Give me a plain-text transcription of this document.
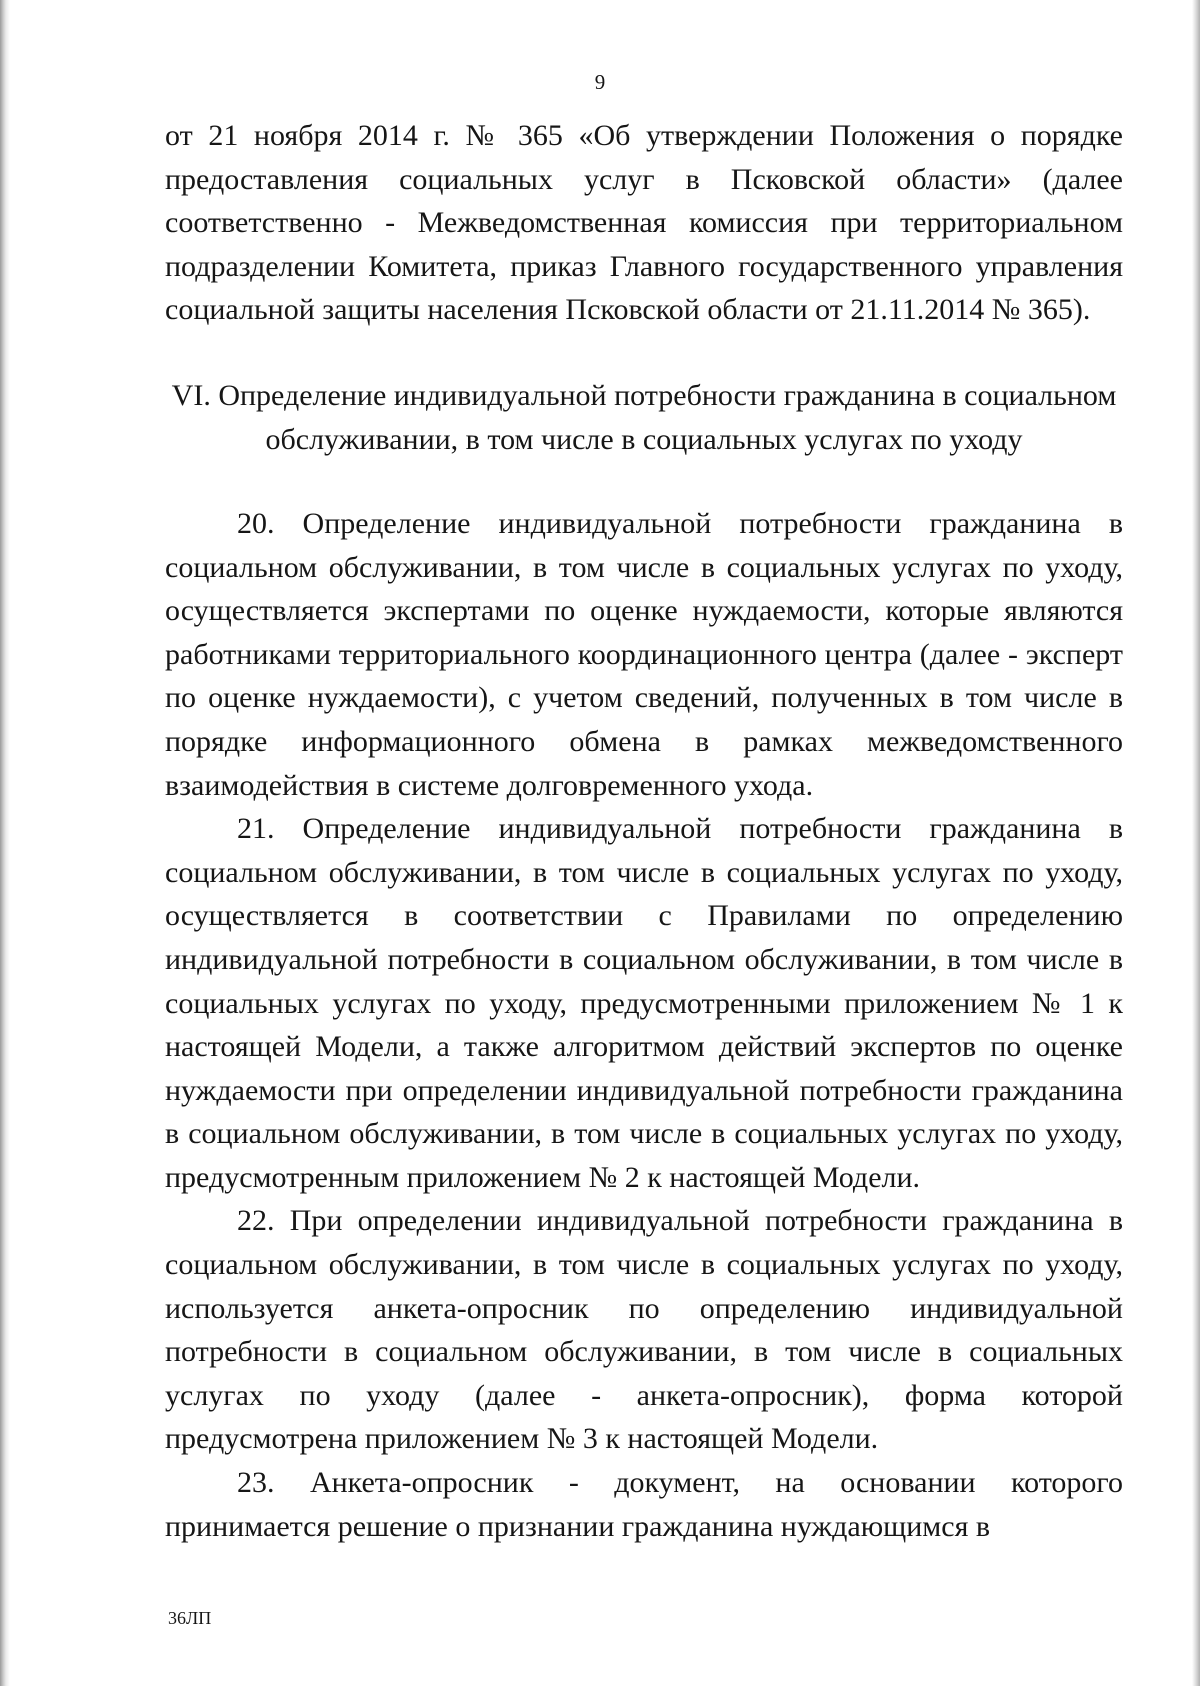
9

от 21 ноября 2014 г. № 365 «Об утверждении Положения о порядке предоставления социальных услуг в Псковской области» (далее соответственно - Межведомственная комиссия при территориальном подразделении Комитета, приказ Главного государственного управления социальной защиты населения Псковской области от 21.11.2014 № 365).

VI. Определение индивидуальной потребности гражданина в социальном обслуживании, в том числе в социальных услугах по уходу

20. Определение индивидуальной потребности гражданина в социальном обслуживании, в том числе в социальных услугах по уходу, осуществляется экспертами по оценке нуждаемости, которые являются работниками территориального координационного центра (далее - эксперт по оценке нуждаемости), с учетом сведений, полученных в том числе в порядке информационного обмена в рамках межведомственного взаимодействия в системе долговременного ухода.

21. Определение индивидуальной потребности гражданина в социальном обслуживании, в том числе в социальных услугах по уходу, осуществляется в соответствии с Правилами по определению индивидуальной потребности в социальном обслуживании, в том числе в социальных услугах по уходу, предусмотренными приложением № 1 к настоящей Модели, а также алгоритмом действий экспертов по оценке нуждаемости при определении индивидуальной потребности гражданина в социальном обслуживании, в том числе в социальных услугах по уходу, предусмотренным приложением № 2 к настоящей Модели.

22. При определении индивидуальной потребности гражданина в социальном обслуживании, в том числе в социальных услугах по уходу, используется анкета-опросник по определению индивидуальной потребности в социальном обслуживании, в том числе в социальных услугах по уходу (далее - анкета-опросник), форма которой предусмотрена приложением № 3 к настоящей Модели.

23. Анкета-опросник - документ, на основании которого принимается решение о признании гражданина нуждающимся в

36ЛП
